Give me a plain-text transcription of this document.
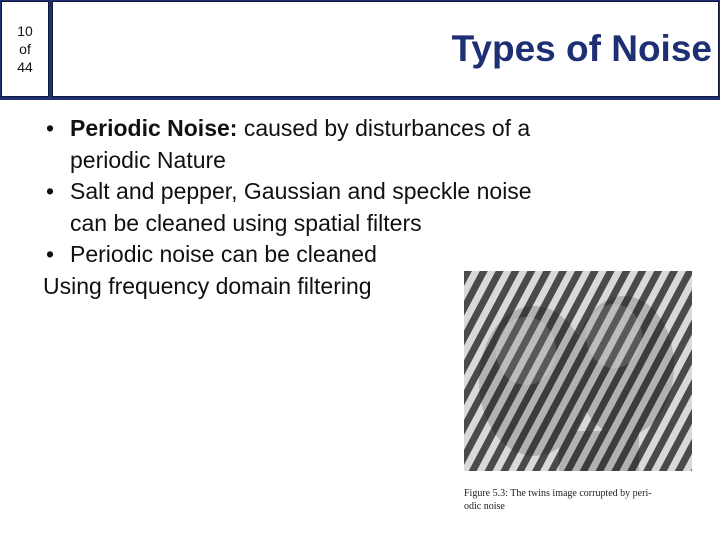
10
of
44	Types of Noise
• Periodic Noise: caused by disturbances of a
periodic Nature
• Salt and pepper, Gaussian and speckle noise
can be cleaned using spatial filters
• Periodic noise can be cleaned
Using frequency domain filtering
Figure 5.3: The twins image corrupted by peri-
odic noise
